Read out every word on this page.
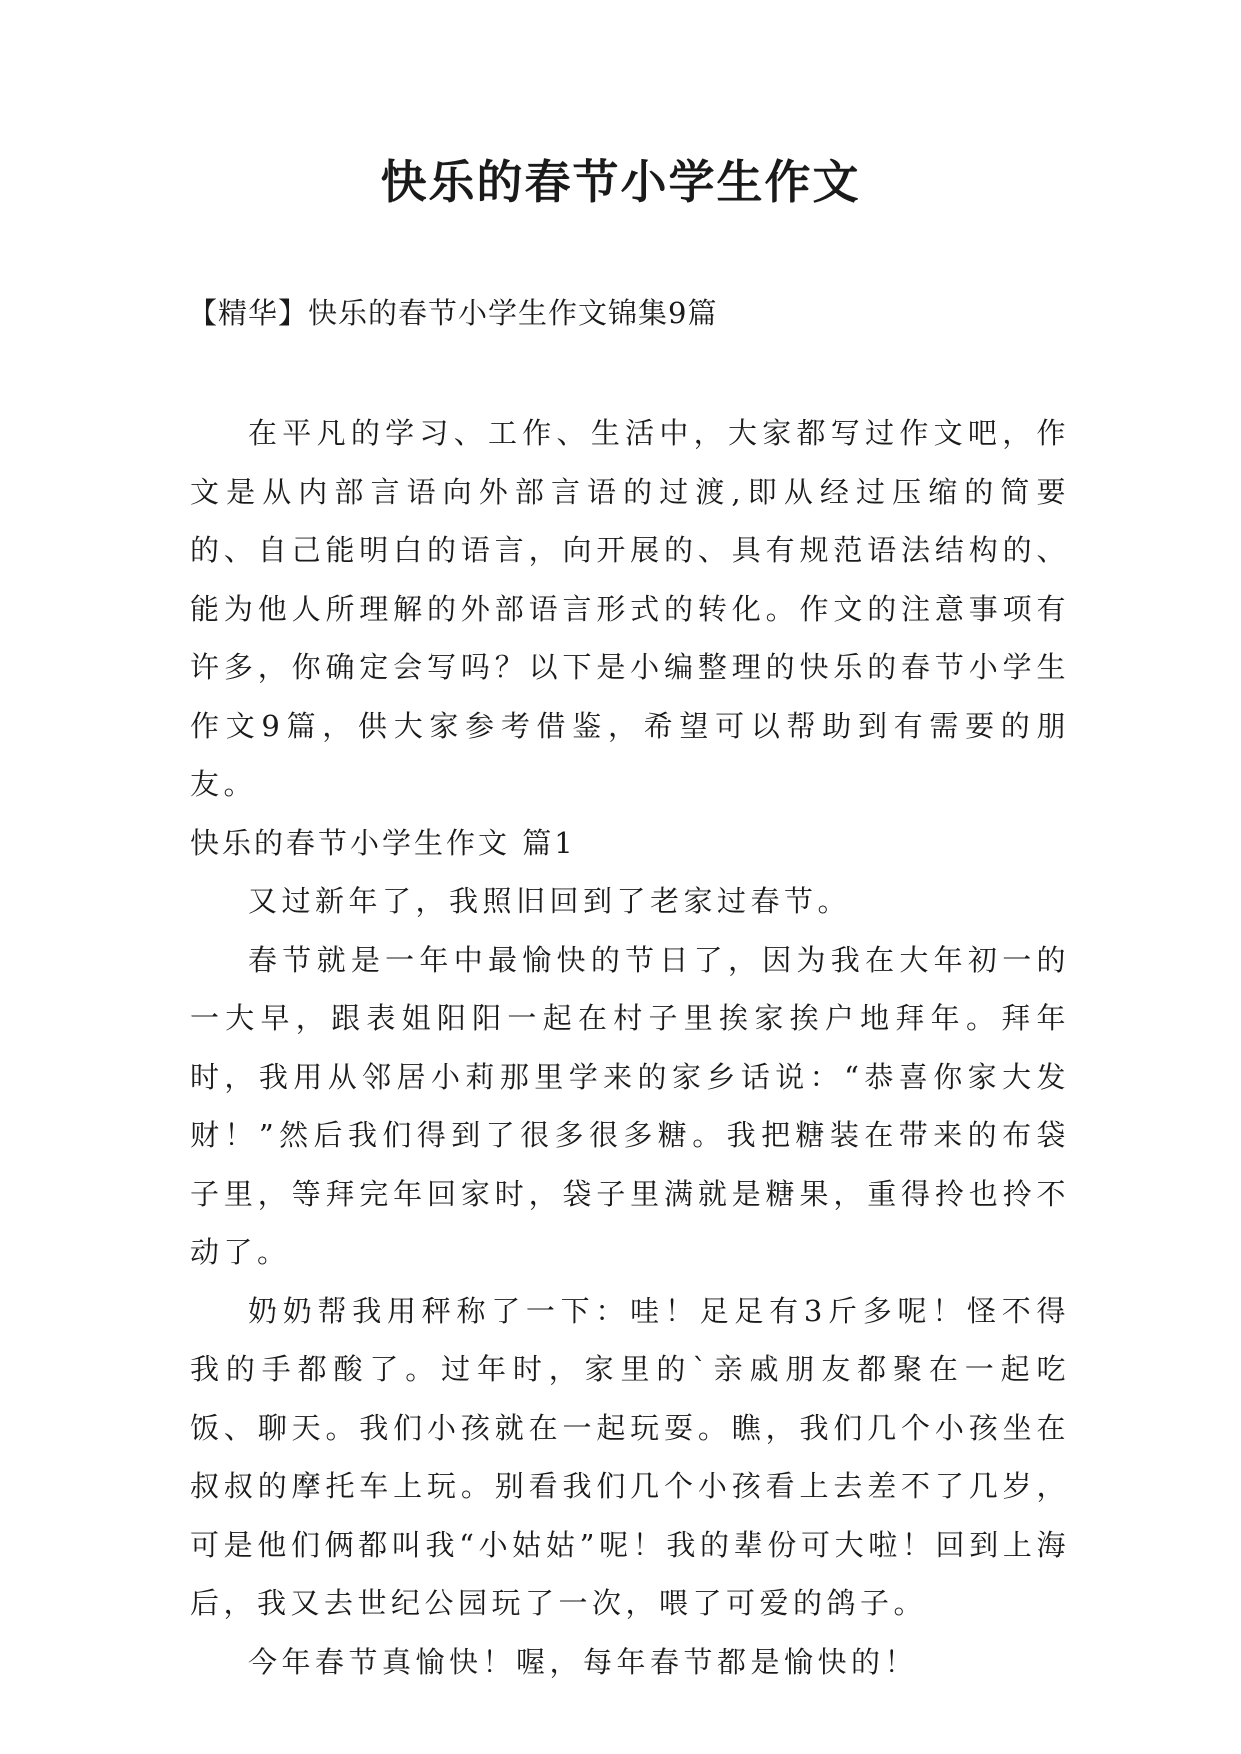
快乐的春节小学生作文
【精华】快乐的春节小学生作文锦集9篇

在平凡的学习、工作、生活中，大家都写过作文吧，作文是从内部言语向外部言语的过渡,即从经过压缩的简要的、自己能明白的语言，向开展的、具有规范语法结构的、能为他人所理解的外部语言形式的转化。作文的注意事项有许多，你确定会写吗？以下是小编整理的快乐的春节小学生作文9篇，供大家参考借鉴，希望可以帮助到有需要的朋友。

快乐的春节小学生作文 篇1

又过新年了，我照旧回到了老家过春节。

春节就是一年中最愉快的节日了，因为我在大年初一的一大早，跟表姐阳阳一起在村子里挨家挨户地拜年。拜年时，我用从邻居小莉那里学来的家乡话说：“恭喜你家大发财！”然后我们得到了很多很多糖。我把糖装在带来的布袋子里，等拜完年回家时，袋子里满就是糖果，重得拎也拎不动了。

奶奶帮我用秤称了一下：哇！足足有3斤多呢！怪不得我的手都酸了。过年时，家里的`亲戚朋友都聚在一起吃饭、聊天。我们小孩就在一起玩耍。瞧，我们几个小孩坐在叔叔的摩托车上玩。别看我们几个小孩看上去差不了几岁，可是他们俩都叫我“小姑姑”呢！我的辈份可大啦！回到上海后，我又去世纪公园玩了一次，喂了可爱的鸽子。

今年春节真愉快！喔，每年春节都是愉快的！
